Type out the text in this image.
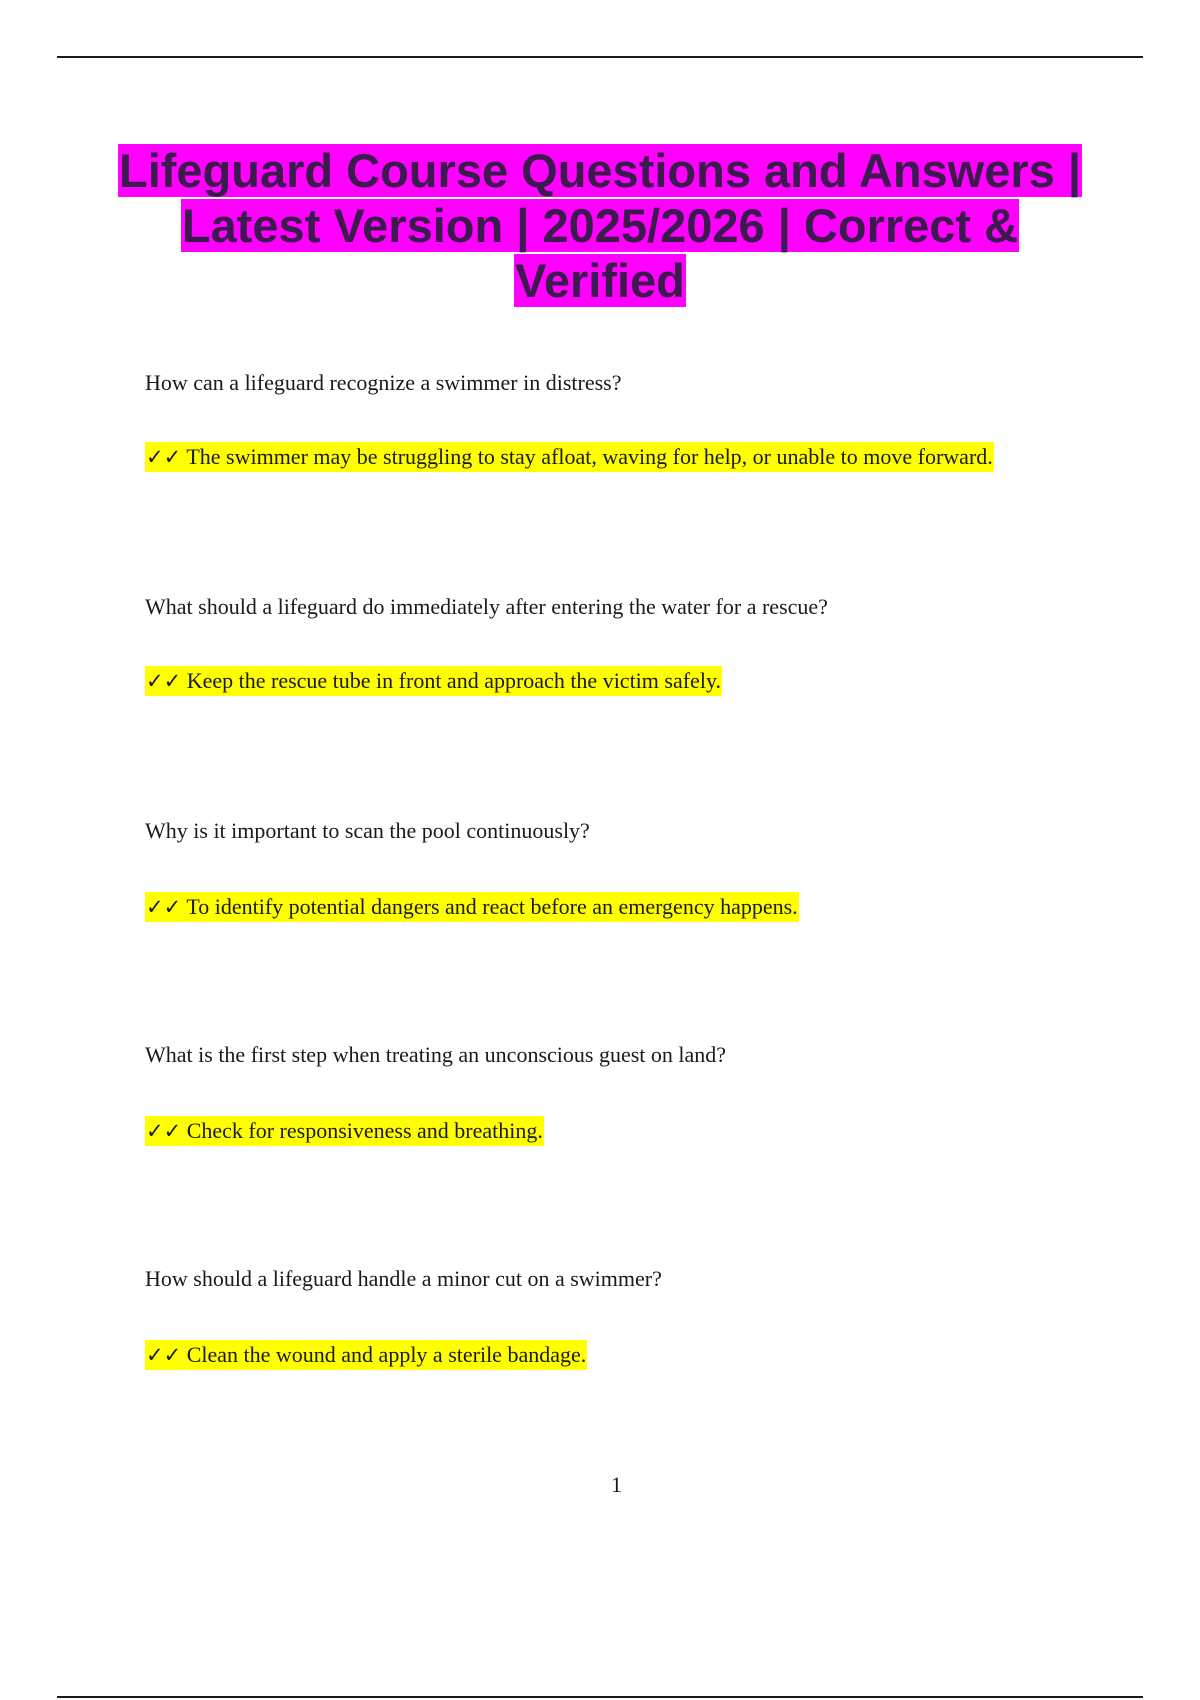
Lifeguard Course Questions and Answers | Latest Version | 2025/2026 | Correct & Verified
How can a lifeguard recognize a swimmer in distress?
✓✓ The swimmer may be struggling to stay afloat, waving for help, or unable to move forward.
What should a lifeguard do immediately after entering the water for a rescue?
✓✓ Keep the rescue tube in front and approach the victim safely.
Why is it important to scan the pool continuously?
✓✓ To identify potential dangers and react before an emergency happens.
What is the first step when treating an unconscious guest on land?
✓✓ Check for responsiveness and breathing.
How should a lifeguard handle a minor cut on a swimmer?
✓✓ Clean the wound and apply a sterile bandage.
1
